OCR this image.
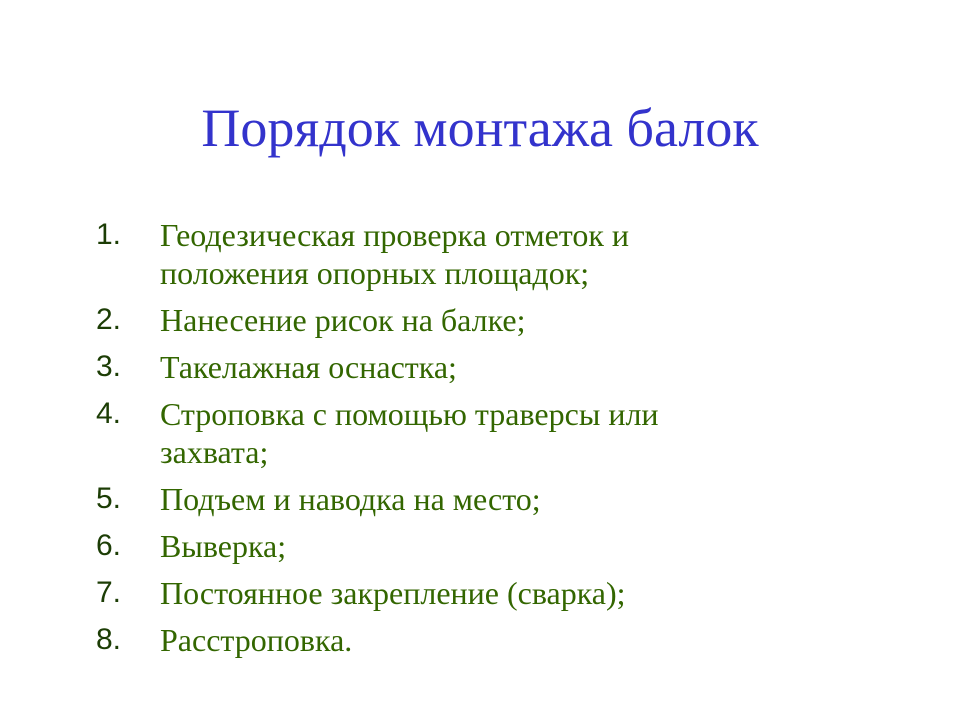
Порядок монтажа балок
1.	Геодезическая проверка отметок и
положения опорных площадок;
2.	Нанесение рисок на балке;
3.	Такелажная оснастка;
4.	Строповка с помощью траверсы или
захвата;
5.	Подъем и наводка на место;
6.	Выверка;
7.	Постоянное закрепление (сварка);
8.	Расстроповка.
